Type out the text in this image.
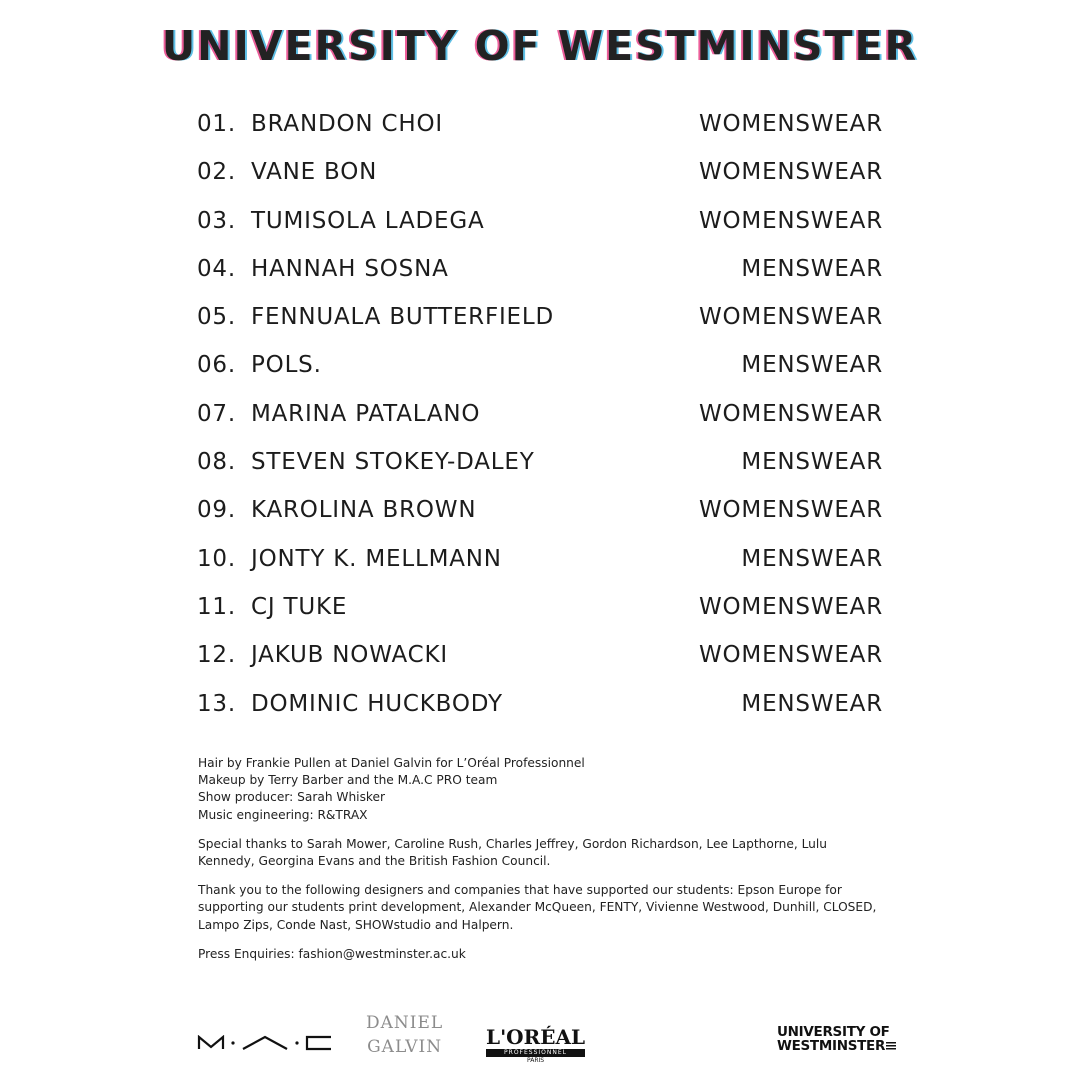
UNIVERSITY OF WESTMINSTER
01. BRANDON CHOI	WOMENSWEAR
02. VANE BON	WOMENSWEAR
03. TUMISOLA LADEGA	WOMENSWEAR
04. HANNAH SOSNA	MENSWEAR
05. FENNUALA BUTTERFIELD	WOMENSWEAR
06. POLS.	MENSWEAR
07. MARINA PATALANO	WOMENSWEAR
08. STEVEN STOKEY-DALEY	MENSWEAR
09. KAROLINA BROWN	WOMENSWEAR
10. JONTY K. MELLMANN	MENSWEAR
11. CJ TUKE	WOMENSWEAR
12. JAKUB NOWACKI	WOMENSWEAR
13. DOMINIC HUCKBODY	MENSWEAR

Hair by Frankie Pullen at Daniel Galvin for L’Oréal Professionnel
Makeup by Terry Barber and the M.A.C PRO team
Show producer: Sarah Whisker
Music engineering: R&TRAX

Special thanks to Sarah Mower, Caroline Rush, Charles Jeffrey, Gordon Richardson, Lee Lapthorne, Lulu Kennedy, Georgina Evans and the British Fashion Council.

Thank you to the following designers and companies that have supported our students: Epson Europe for supporting our students print development, Alexander McQueen, FENTY, Vivienne Westwood, Dunhill, CLOSED, Lampo Zips, Conde Nast, SHOWstudio and Halpern.

Press Enquiries: fashion@westminster.ac.uk

DANIEL
GALVIN L'ORÉAL
PROFESSIONNEL
PARIS
UNIVERSITY OF
WESTMINSTER
